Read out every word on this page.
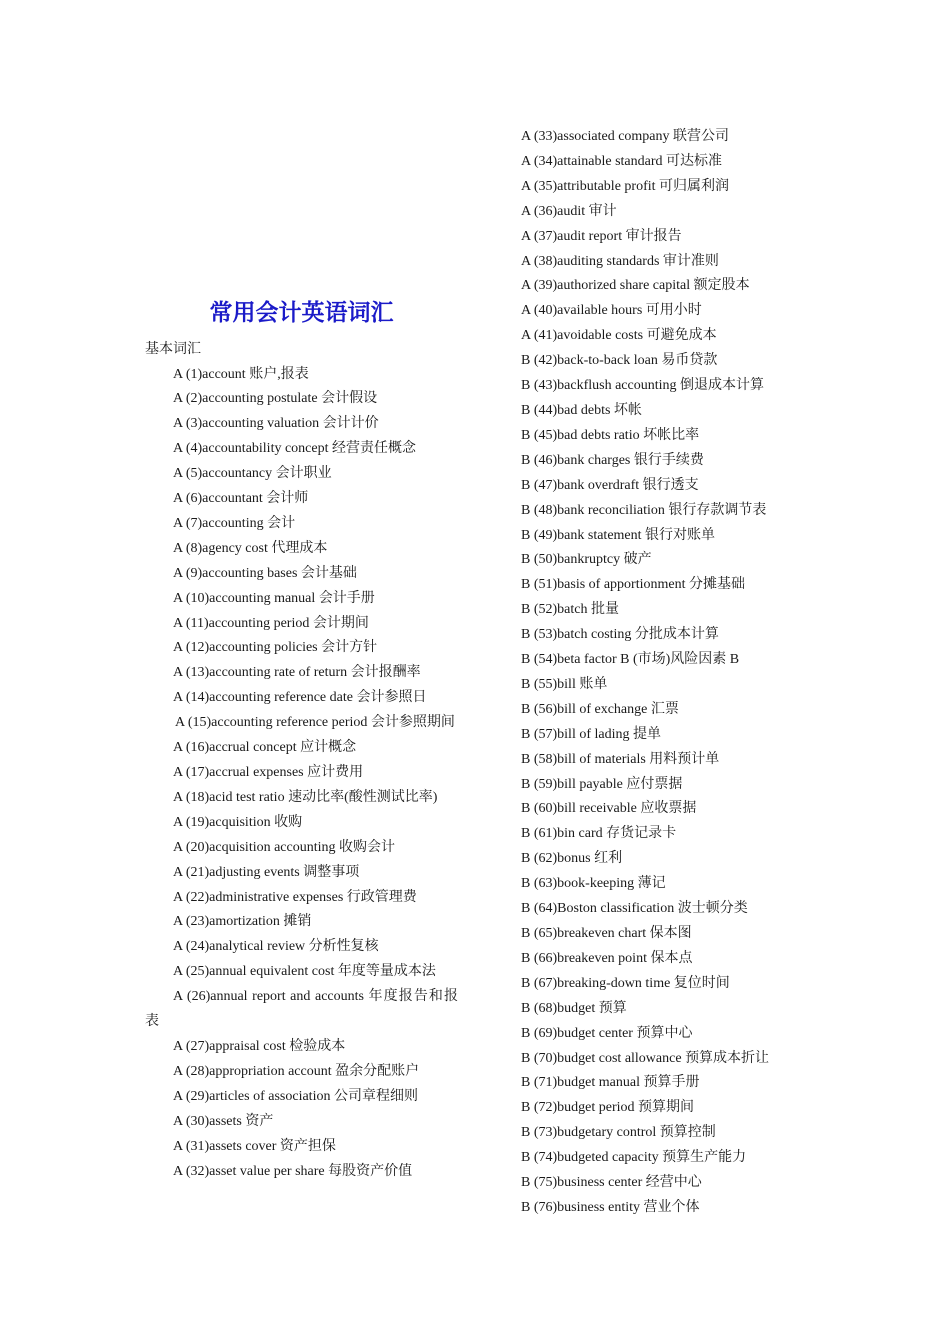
常用会计英语词汇

基本词汇

A (1)account 账户,报表
A (2)accounting postulate 会计假设
A (3)accounting valuation 会计计价
A (4)accountability concept 经营责任概念
A (5)accountancy 会计职业
A (6)accountant 会计师
A (7)accounting 会计
A (8)agency cost 代理成本
A (9)accounting bases 会计基础
A (10)accounting manual 会计手册
A (11)accounting period 会计期间
A (12)accounting policies 会计方针
A (13)accounting rate of return 会计报酬率
A (14)accounting reference date 会计参照日
A (15)accounting reference period 会计参照期间
A (16)accrual concept 应计概念
A (17)accrual expenses 应计费用
A (18)acid test ratio 速动比率(酸性测试比率)
A (19)acquisition 收购
A (20)acquisition accounting 收购会计
A (21)adjusting events 调整事项
A (22)administrative expenses 行政管理费
A (23)amortization 摊销
A (24)analytical review 分析性复核
A (25)annual equivalent cost 年度等量成本法
A (26)annual report and accounts 年度报告和报表
A (27)appraisal cost 检验成本
A (28)appropriation account 盈余分配账户
A (29)articles of association 公司章程细则
A (30)assets 资产
A (31)assets cover 资产担保
A (32)asset value per share 每股资产价值
A (33)associated company 联营公司
A (34)attainable standard 可达标准
A (35)attributable profit 可归属利润
A (36)audit 审计
A (37)audit report 审计报告
A (38)auditing standards 审计准则
A (39)authorized share capital 额定股本
A (40)available hours 可用小时
A (41)avoidable costs 可避免成本
B (42)back-to-back loan 易币贷款
B (43)backflush accounting 倒退成本计算
B (44)bad debts 坏帐
B (45)bad debts ratio 坏帐比率
B (46)bank charges 银行手续费
B (47)bank overdraft 银行透支
B (48)bank reconciliation 银行存款调节表
B (49)bank statement 银行对账单
B (50)bankruptcy 破产
B (51)basis of apportionment 分摊基础
B (52)batch 批量
B (53)batch costing 分批成本计算
B (54)beta factor B (市场)风险因素 B
B (55)bill 账单
B (56)bill of exchange 汇票
B (57)bill of lading 提单
B (58)bill of materials 用料预计单
B (59)bill payable 应付票据
B (60)bill receivable 应收票据
B (61)bin card 存货记录卡
B (62)bonus 红利
B (63)book-keeping 薄记
B (64)Boston classification 波士顿分类
B (65)breakeven chart 保本图
B (66)breakeven point 保本点
B (67)breaking-down time 复位时间
B (68)budget 预算
B (69)budget center 预算中心
B (70)budget cost allowance 预算成本折让
B (71)budget manual 预算手册
B (72)budget period 预算期间
B (73)budgetary control 预算控制
B (74)budgeted capacity 预算生产能力
B (75)business center 经营中心
B (76)business entity 营业个体
